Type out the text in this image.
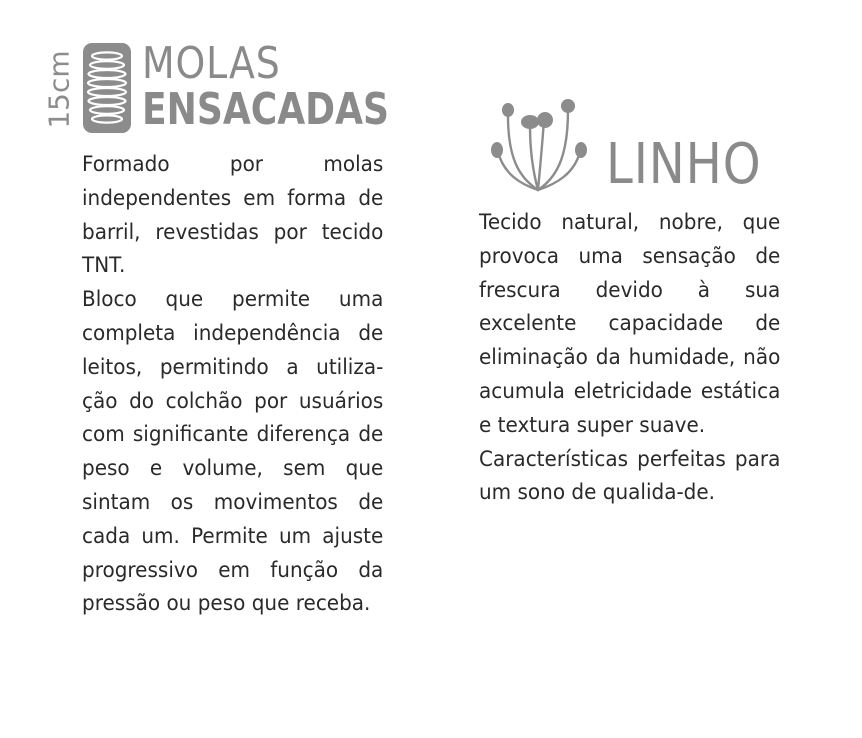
15cm MOLAS
ENSACADAS

Formado por molas independentes em forma de barril, revestidas por tecido TNT.

Bloco que permite uma completa independência de leitos, permitindo a utiliza-ção do colchão por usuários com significante diferença de peso e volume, sem que sintam os movimentos de cada um. Permite um ajuste progressivo em função da pressão ou peso que receba.

LINHO

Tecido natural, nobre, que provoca uma sensação de frescura devido à sua excelente capacidade de eliminação da humidade, não acumula eletricidade estática e textura super suave.

Características perfeitas para um sono de qualida-de.
